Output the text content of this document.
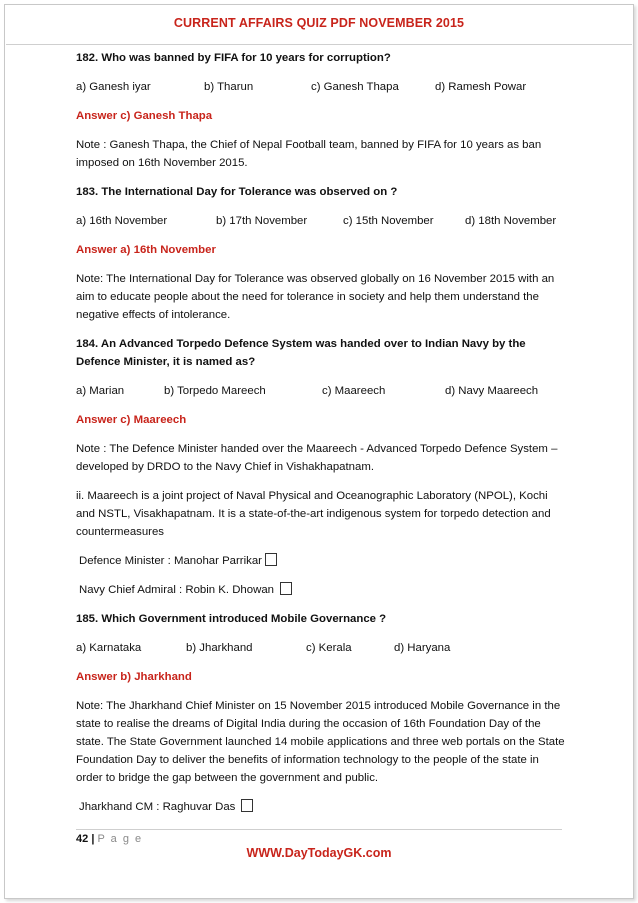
CURRENT AFFAIRS QUIZ PDF NOVEMBER 2015

182. Who was banned by FIFA for 10 years for corruption?

a) Ganesh iyar	b) Tharun	c) Ganesh Thapa	d) Ramesh Powar

Answer c) Ganesh Thapa

Note : Ganesh Thapa, the Chief of Nepal Football team, banned by FIFA for 10 years as ban imposed on 16th November 2015.

183. The International Day for Tolerance was observed on ?

a) 16th November	b) 17th November	c) 15th November	d) 18th November

Answer a) 16th November

Note: The International Day for Tolerance was observed globally on 16 November 2015 with an aim to educate people about the need for tolerance in society and help them understand the negative effects of intolerance.

184. An Advanced Torpedo Defence System was handed over to Indian Navy by the Defence Minister, it is named as?

a) Marian	b) Torpedo Mareech	c) Maareech	d) Navy Maareech

Answer c) Maareech

Note : The Defence Minister handed over the Maareech - Advanced Torpedo Defence System – developed by DRDO to the Navy Chief in Vishakhapatnam.

ii. Maareech is a joint project of Naval Physical and Oceanographic Laboratory (NPOL), Kochi and NSTL, Visakhapatnam. It is a state-of-the-art indigenous system for torpedo detection and countermeasures

Defence Minister : Manohar Parrikar

Navy Chief Admiral : Robin K. Dhowan

185. Which Government introduced Mobile Governance ?

a) Karnataka	b) Jharkhand	c) Kerala	d) Haryana

Answer b) Jharkhand

Note: The Jharkhand Chief Minister on 15 November 2015 introduced Mobile Governance in the state to realise the dreams of Digital India during the occasion of 16th Foundation Day of the state. The State Government launched 14 mobile applications and three web portals on the State Foundation Day to deliver the benefits of information technology to the people of the state in order to bridge the gap between the government and public.

Jharkhand CM : Raghuvar Das

42 | P a g e
WWW.DayTodayGK.com
